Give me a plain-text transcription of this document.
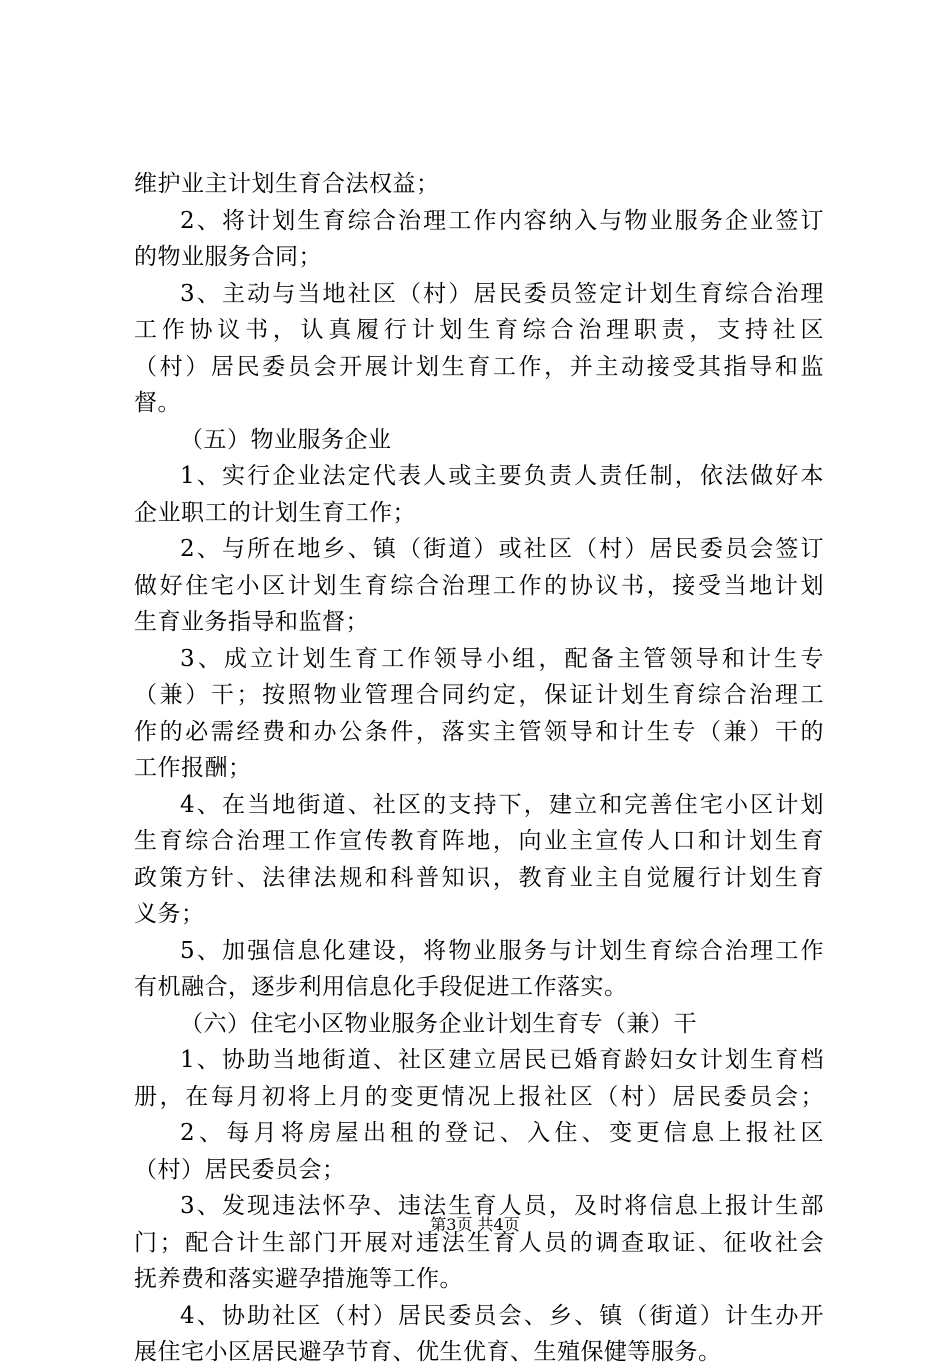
维护业主计划生育合法权益；
2、将计划生育综合治理工作内容纳入与物业服务企业签订
的物业服务合同；
3、主动与当地社区（村）居民委员签定计划生育综合治理
工作协议书，认真履行计划生育综合治理职责，支持社区
（村）居民委员会开展计划生育工作，并主动接受其指导和监
督。
（五）物业服务企业
1、实行企业法定代表人或主要负责人责任制，依法做好本
企业职工的计划生育工作；
2、与所在地乡、镇（街道）或社区（村）居民委员会签订
做好住宅小区计划生育综合治理工作的协议书，接受当地计划
生育业务指导和监督；
3、成立计划生育工作领导小组，配备主管领导和计生专
（兼）干；按照物业管理合同约定，保证计划生育综合治理工
作的必需经费和办公条件，落实主管领导和计生专（兼）干的
工作报酬；
4、在当地街道、社区的支持下，建立和完善住宅小区计划
生育综合治理工作宣传教育阵地，向业主宣传人口和计划生育
政策方针、法律法规和科普知识，教育业主自觉履行计划生育
义务；
5、加强信息化建设，将物业服务与计划生育综合治理工作
有机融合，逐步利用信息化手段促进工作落实。
（六）住宅小区物业服务企业计划生育专（兼）干
1、协助当地街道、社区建立居民已婚育龄妇女计划生育档
册，在每月初将上月的变更情况上报社区（村）居民委员会；
2、每月将房屋出租的登记、入住、变更信息上报社区
（村）居民委员会；
3、发现违法怀孕、违法生育人员，及时将信息上报计生部
门；配合计生部门开展对违法生育人员的调查取证、征收社会
抚养费和落实避孕措施等工作。
4、协助社区（村）居民委员会、乡、镇（街道）计生办开
展住宅小区居民避孕节育、优生优育、生殖保健等服务。
第3页 共4页
